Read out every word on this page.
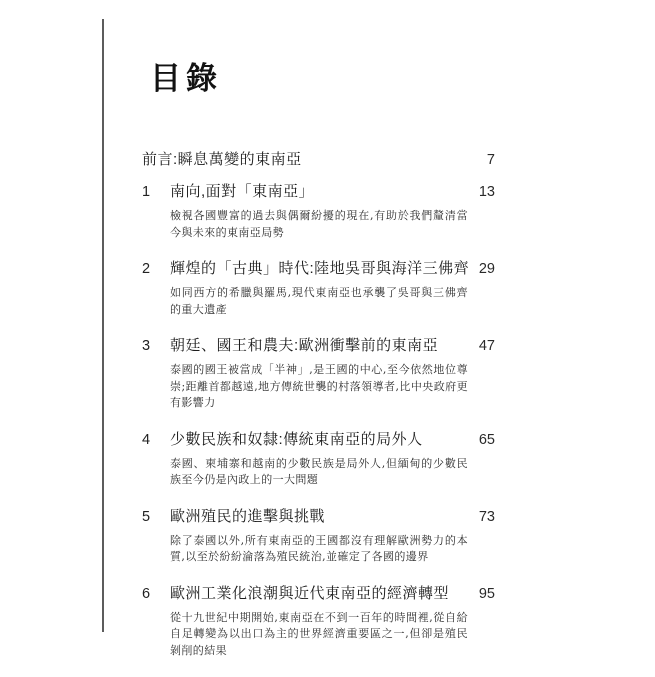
目錄
前言:瞬息萬變的東南亞	7
1	南向,面對「東南亞」	13

檢視各國豐富的過去與偶爾紛擾的現在,有助於我們釐清當今與未來的東南亞局勢

2	輝煌的「古典」時代:陸地吳哥與海洋三佛齊 29

如同西方的希臘與羅馬,現代東南亞也承襲了吳哥與三佛齊的重大遺產

3	朝廷、國王和農夫:歐洲衝擊前的東南亞	47

泰國的國王被當成「半神」,是王國的中心,至今依然地位尊崇;距離首都越遠,地方傳統世襲的村落領導者,比中央政府更有影響力

4	少數民族和奴隸:傳統東南亞的局外人	65

泰國、柬埔寨和越南的少數民族是局外人,但緬甸的少數民族至今仍是內政上的一大問題

5	歐洲殖民的進擊與挑戰	73

除了泰國以外,所有東南亞的王國都沒有理解歐洲勢力的本質,以至於紛紛淪落為殖民統治,並確定了各國的邊界

6	歐洲工業化浪潮與近代東南亞的經濟轉型	95

從十九世紀中期開始,東南亞在不到一百年的時間裡,從自給自足轉變為以出口為主的世界經濟重要區之一,但卻是殖民剝削的結果
